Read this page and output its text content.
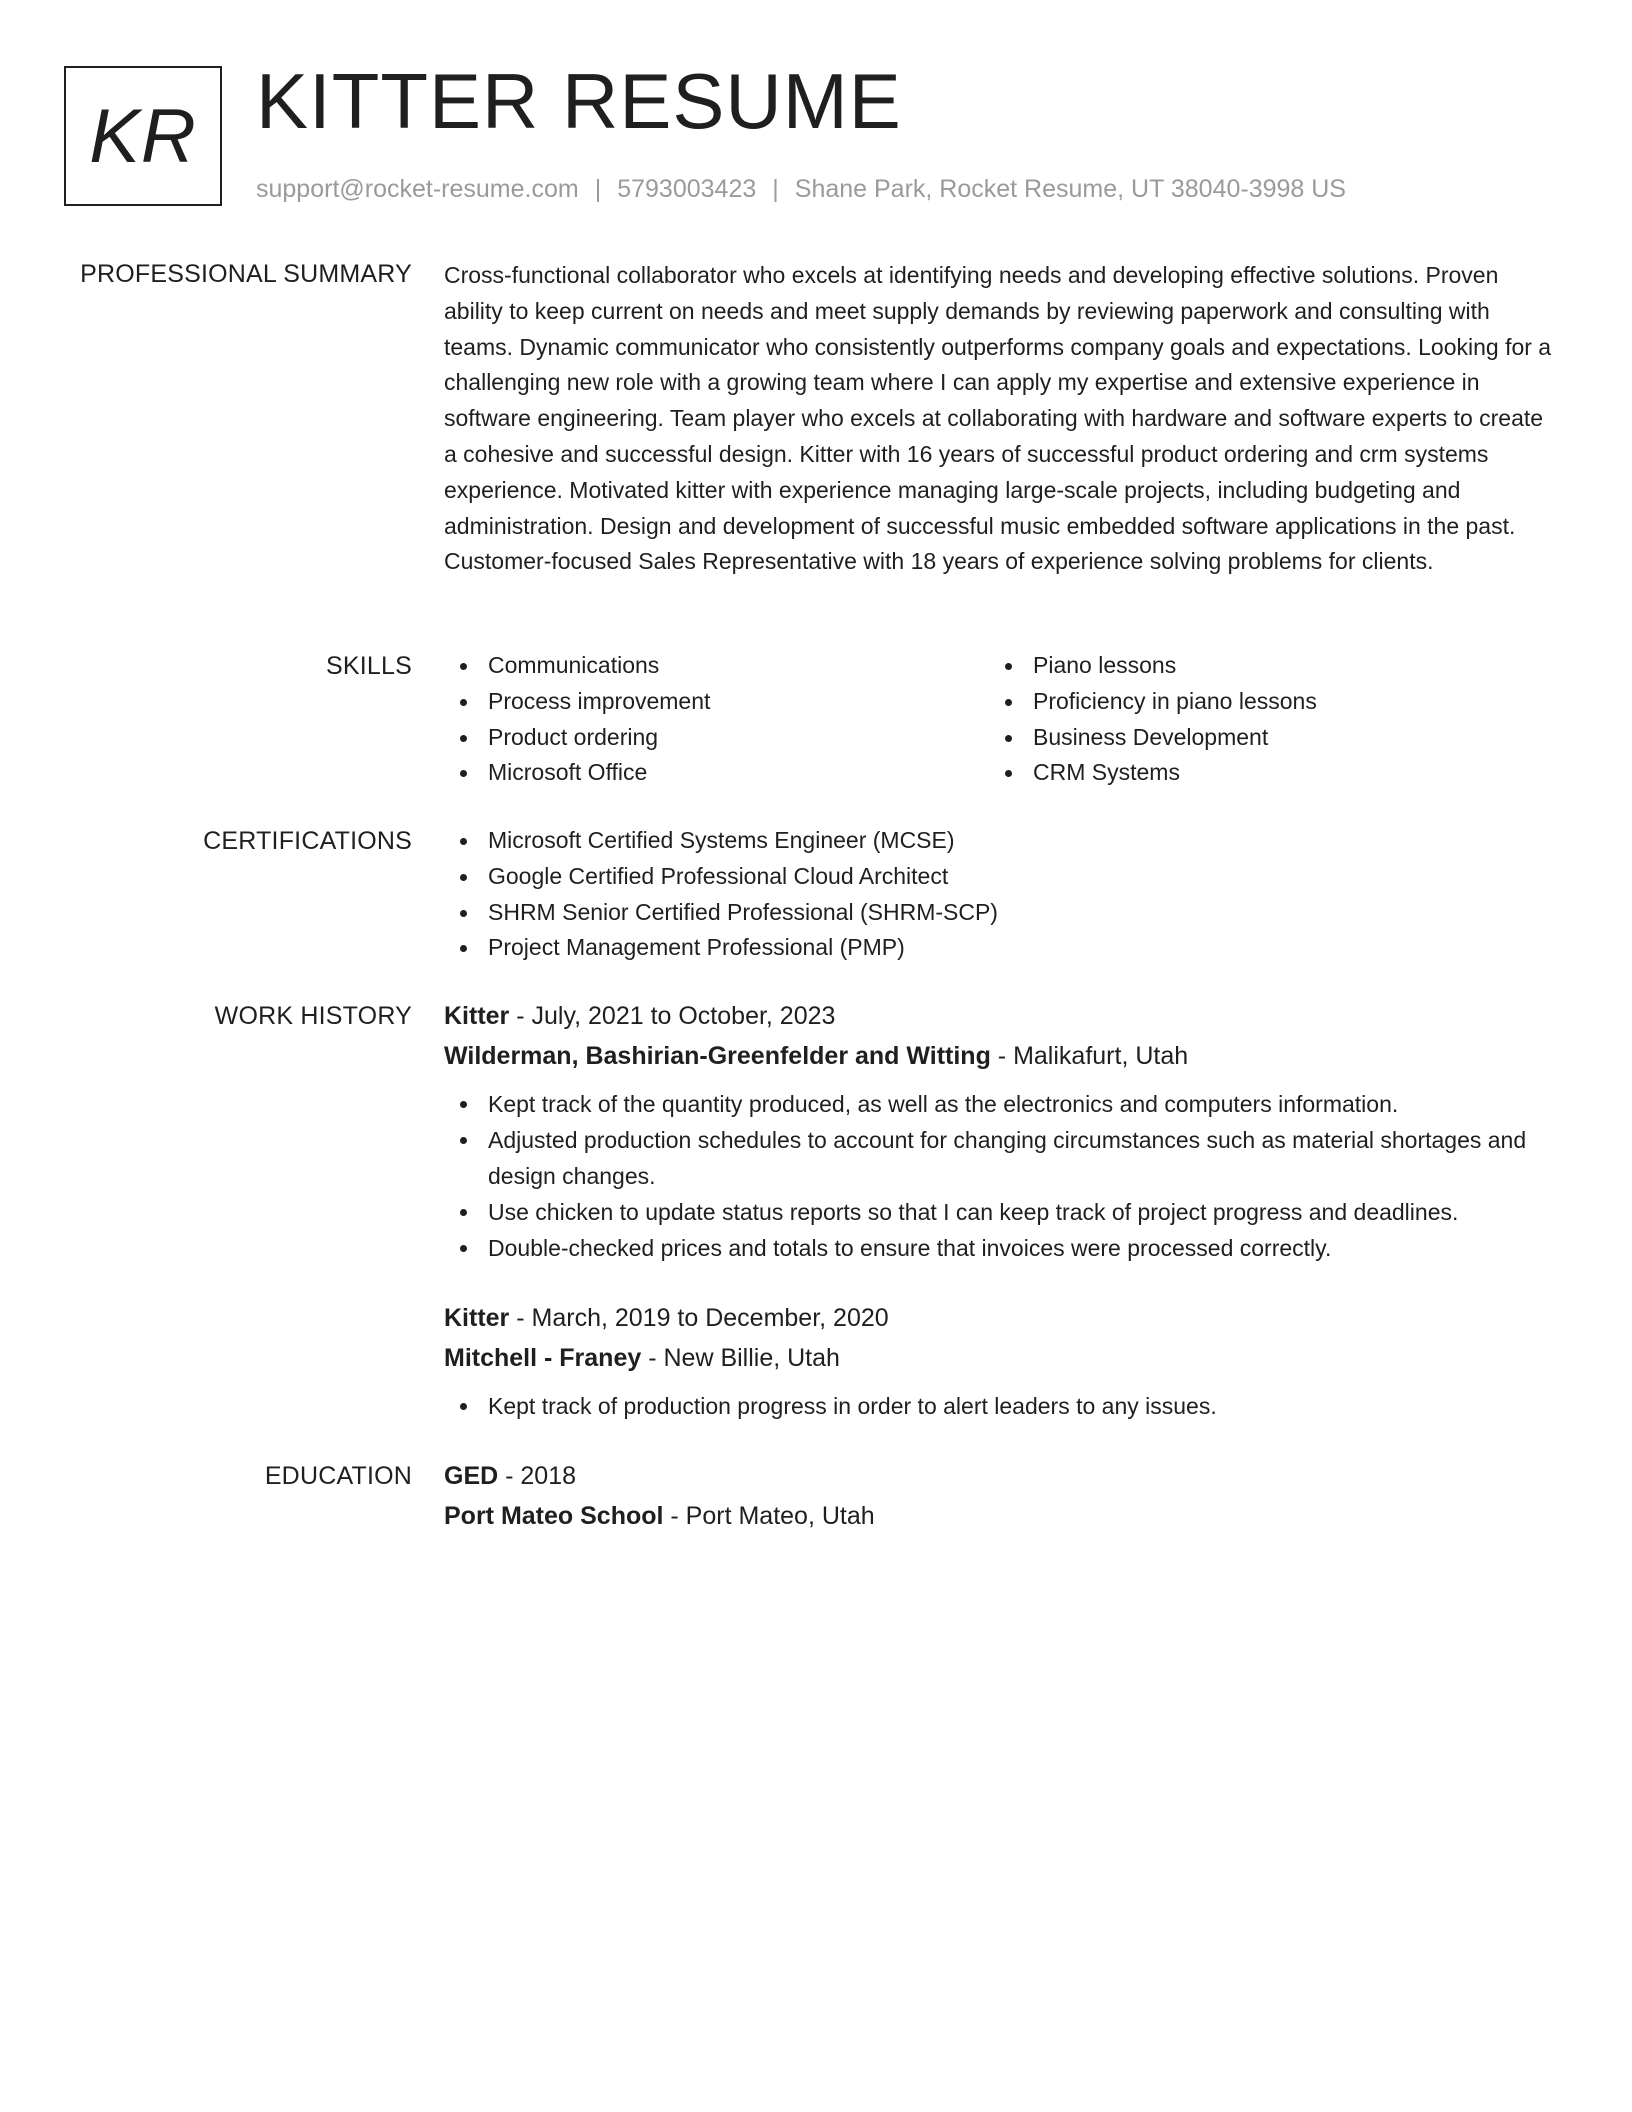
KR KITTER RESUME
support@rocket-resume.com | 5793003423 | Shane Park, Rocket Resume, UT 38040-3998 US
PROFESSIONAL SUMMARY Cross-functional collaborator who excels at identifying needs and developing effective solutions. Proven ability to keep current on needs and meet supply demands by reviewing paperwork and consulting with teams. Dynamic communicator who consistently outperforms company goals and expectations. Looking for a challenging new role with a growing team where I can apply my expertise and extensive experience in software engineering. Team player who excels at collaborating with hardware and software experts to create a cohesive and successful design. Kitter with 16 years of successful product ordering and crm systems experience. Motivated kitter with experience managing large-scale projects, including budgeting and administration. Design and development of successful music embedded software applications in the past. Customer-focused Sales Representative with 18 years of experience solving problems for clients.

SKILLS	Communications
Process improvement
Product ordering
Microsoft Office
Piano lessons
Proficiency in piano lessons
Business Development
CRM Systems
CERTIFICATIONS	Microsoft Certified Systems Engineer (MCSE)
Google Certified Professional Cloud Architect
SHRM Senior Certified Professional (SHRM-SCP)
Project Management Professional (PMP)
WORK HISTORY Kitter - July, 2021 to October, 2023
Wilderman, Bashirian-Greenfelder and Witting - Malikafurt, Utah
Kept track of the quantity produced, as well as the electronics and computers information.
Adjusted production schedules to account for changing circumstances such as material shortages and design changes.
Use chicken to update status reports so that I can keep track of project progress and deadlines.
Double-checked prices and totals to ensure that invoices were processed correctly.
Kitter - March, 2019 to December, 2020
Mitchell - Franey - New Billie, Utah
Kept track of production progress in order to alert leaders to any issues.
EDUCATION GED - 2018
Port Mateo School - Port Mateo, Utah
